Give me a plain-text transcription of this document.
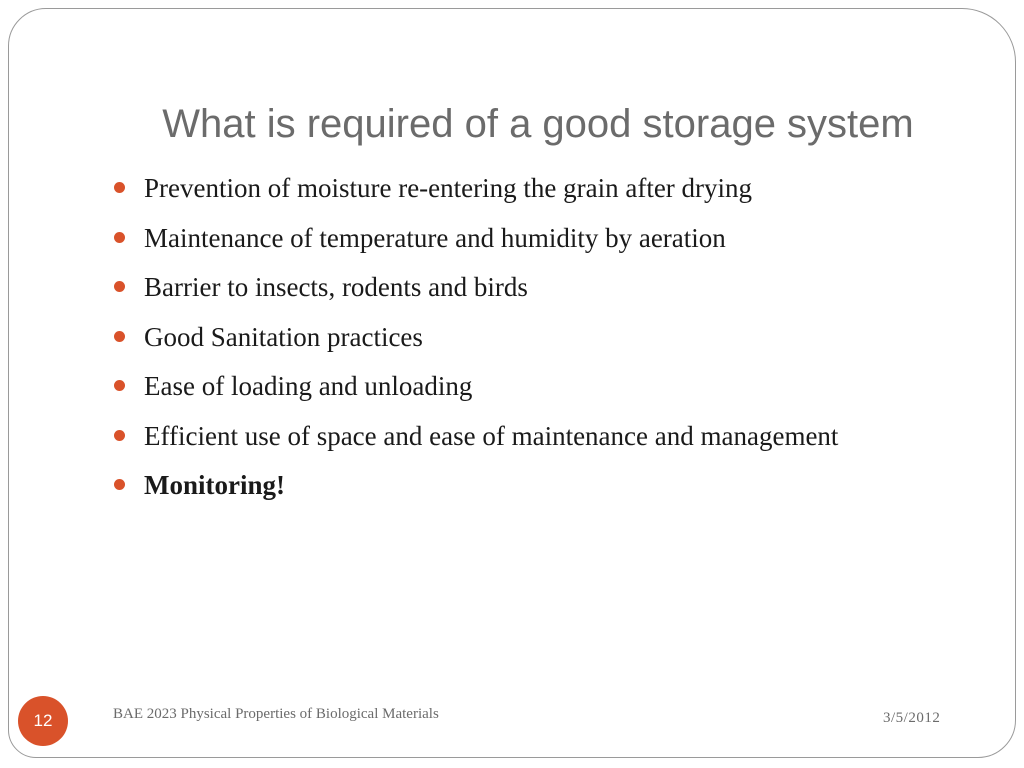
What is required of a good storage system
Prevention of moisture re-entering the grain after drying
Maintenance of temperature and humidity by aeration
Barrier to insects, rodents and birds
Good Sanitation practices
Ease of loading and unloading
Efficient use of space and ease of maintenance and management
Monitoring!
12	BAE 2023 Physical Properties of Biological Materials	3/5/2012
